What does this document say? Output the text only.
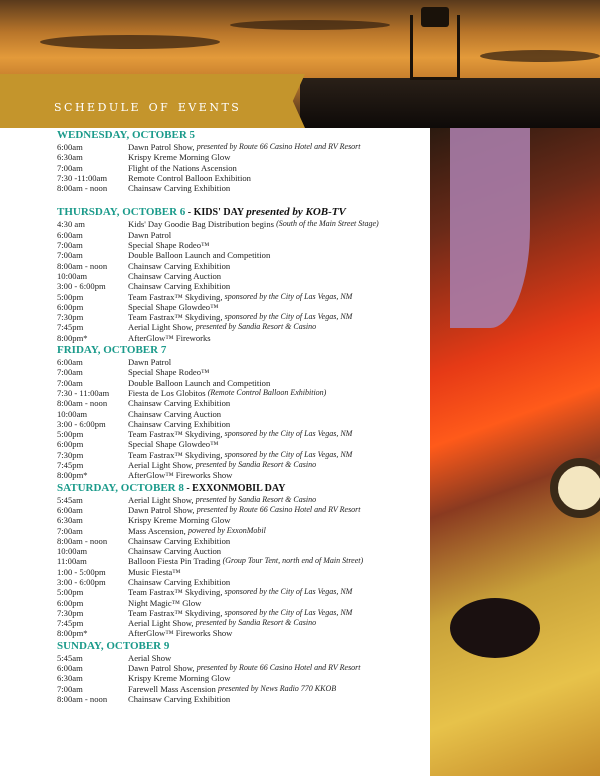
schedule of events
WEDNESDAY, OCTOBER 5
6:00am	Dawn Patrol Show,
presented by Route 66 Casino Hotel and RV Resort
6:30am	Krispy Kreme Morning Glow

7:00am	Flight of the Nations Ascension

7:30 -11:00am	Remote Control Balloon Exhibition

8:00am - noon	Chainsaw Carving Exhibition

THURSDAY, OCTOBER 6 - KIDS' DAY presented by KOB-TV
4:30 am	Kids' Day Goodie Bag Distribution begins
(South of the Main Street Stage)
6:00am	Dawn Patrol

7:00am	Special Shape Rodeo™

7:00am	Double Balloon Launch and Competition

8:00am - noon	Chainsaw Carving Exhibition

10:00am	Chainsaw Carving Auction

3:00 - 6:00pm	Chainsaw Carving Exhibition

5:00pm	Team Fastrax™ Skydiving,
sponsored by the City of Las Vegas, NM
6:00pm	Special Shape Glowdeo™

7:30pm	Team Fastrax™ Skydiving,
sponsored by the City of Las Vegas, NM
7:45pm	Aerial Light Show,
presented by Sandia Resort & Casino
8:00pm*	AfterGlow™ Fireworks

FRIDAY, OCTOBER 7
6:00am	Dawn Patrol

7:00am	Special Shape Rodeo™

7:00am	Double Balloon Launch and Competition

7:30 - 11:00am	Fiesta de Los Globitos
(Remote Control Balloon Exhibition)
8:00am - noon	Chainsaw Carving Exhibition

10:00am	Chainsaw Carving Auction

3:00 - 6:00pm	Chainsaw Carving Exhibition

5:00pm	Team Fastrax™ Skydiving,
sponsored by the City of Las Vegas, NM
6:00pm	Special Shape Glowdeo™

7:30pm	Team Fastrax™ Skydiving,
sponsored by the City of Las Vegas, NM
7:45pm	Aerial Light Show,
presented by Sandia Resort & Casino
8:00pm*	AfterGlow™ Fireworks Show

SATURDAY, OCTOBER 8 - EXXONMOBIL DAY
5:45am	Aerial Light Show,
presented by Sandia Resort & Casino
6:00am	Dawn Patrol Show,
presented by Route 66 Casino Hotel and RV Resort
6:30am	Krispy Kreme Morning Glow

7:00am	Mass Ascension,
powered by ExxonMobil
8:00am - noon	Chainsaw Carving Exhibition

10:00am	Chainsaw Carving Auction

11:00am	Balloon Fiesta Pin Trading
(Group Tour Tent, north end of Main Street)
1:00 - 5:00pm	Music Fiesta™

3:00 - 6:00pm	Chainsaw Carving Exhibition

5:00pm	Team Fastrax™ Skydiving,
sponsored by the City of Las Vegas, NM
6:00pm	Night Magic™ Glow

7:30pm	Team Fastrax™ Skydiving,
sponsored by the City of Las Vegas, NM
7:45pm	Aerial Light Show,
presented by Sandia Resort & Casino
8:00pm*	AfterGlow™ Fireworks Show

SUNDAY, OCTOBER 9
5:45am	Aerial Show

6:00am	Dawn Patrol Show,
presented by Route 66 Casino Hotel and RV Resort
6:30am	Krispy Kreme Morning Glow

7:00am	Farewell Mass Ascension
presented by News Radio 770 KKOB
8:00am - noon	Chainsaw Carving Exhibition
